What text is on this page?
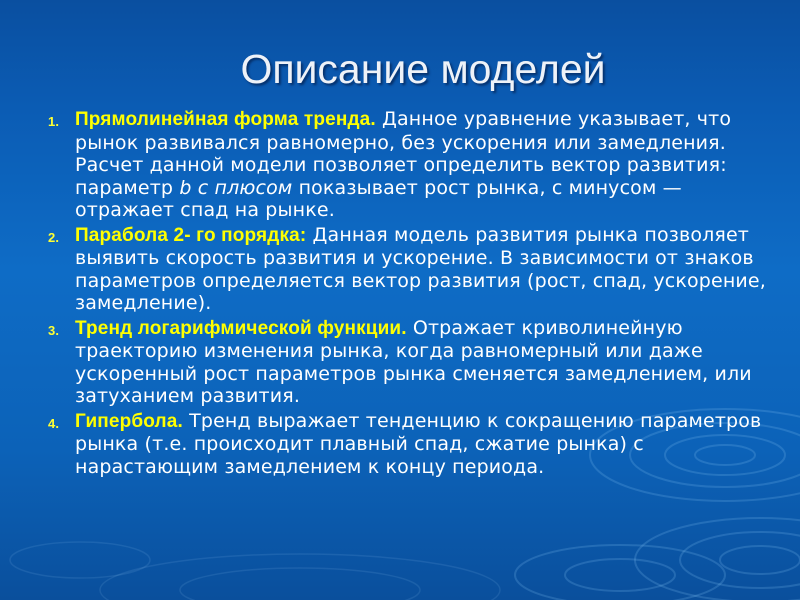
Описание моделей
1. Прямолинейная форма тренда. Данное уравнение указывает, что рынок развивался равномерно, без ускорения или замедления. Расчет данной модели позволяет определить вектор развития: параметр b с плюсом показывает рост рынка, с минусом — отражает спад на рынке.
2. Парабола 2- го порядка: Данная модель развития рынка позволяет выявить скорость развития и ускорение. В зависимости от знаков параметров определяется вектор развития (рост, спад, ускорение, замедление).
3. Тренд логарифмической функции. Отражает криволинейную траекторию изменения рынка, когда равномерный или даже ускоренный рост параметров рынка сменяется замедлением, или затуханием развития.
4. Гипербола. Тренд выражает тенденцию к сокращению параметров рынка (т.е. происходит плавный спад, сжатие рынка) с нарастающим замедлением к концу периода.
